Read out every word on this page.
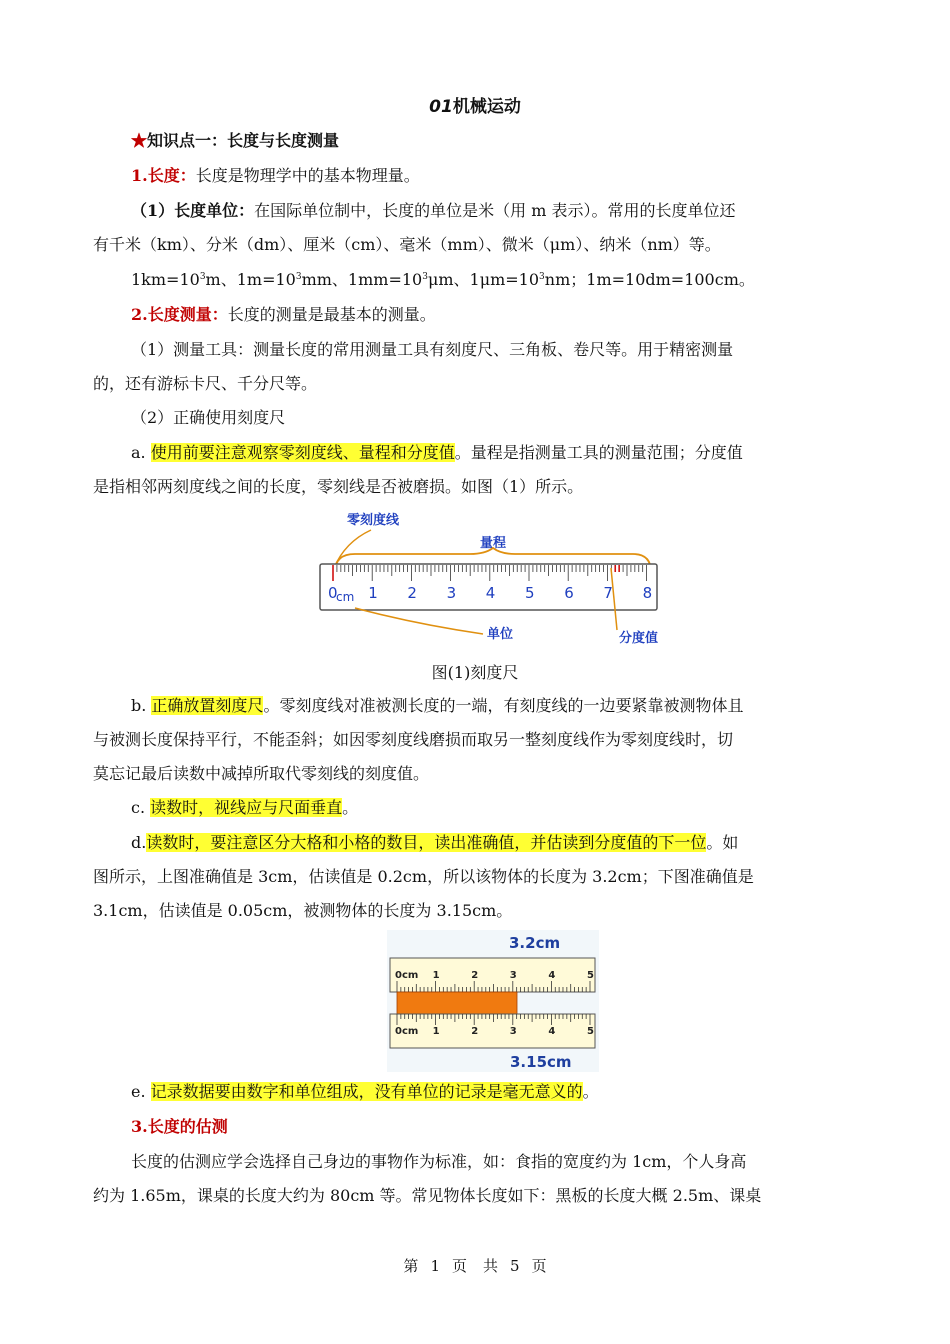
01机械运动
★知识点一：长度与长度测量
1.长度：长度是物理学中的基本物理量。
（1）长度单位：在国际单位制中，长度的单位是米（用 m 表示）。常用的长度单位还
有千米（km）、分米（dm）、厘米（cm）、毫米（mm）、微米（μm）、纳米（nm）等。
$1km=10^3m$、$1m=10^3mm$、$1mm=10^3\mu m$、$1\mu m=10^3nm$；1m=10dm=100cm。
2.长度测量：长度的测量是最基本的测量。
（1）测量工具：测量长度的常用测量工具有刻度尺、三角板、卷尺等。用于精密测量
的，还有游标卡尺、千分尺等。
（2）正确使用刻度尺
a. 使用前要注意观察零刻度线、量程和分度值。量程是指测量工具的测量范围；分度值
是指相邻两刻度线之间的长度，零刻线是否被磨损。如图（1）所示。
零刻度线
量程
0 1 2 3 4 5 6 7 8
cm
单位	分度值
图(1)刻度尺
b. 正确放置刻度尺。零刻度线对准被测长度的一端，有刻度线的一边要紧靠被测物体且
与被测长度保持平行，不能歪斜；如因零刻度线磨损而取另一整刻度线作为零刻度线时，切
莫忘记最后读数中减掉所取代零刻线的刻度值。
c. 读数时，视线应与尺面垂直。
d.读数时，要注意区分大格和小格的数目，读出准确值，并估读到分度值的下一位。如
图所示，上图准确值是 3cm，估读值是 0.2cm，所以该物体的长度为 3.2cm；下图准确值是
3.1cm，估读值是 0.05cm，被测物体的长度为 3.15cm。
3.2cm
0cm 1	2	3	4	5
0cm 1	2	3	4	5
3.15cm
e. 记录数据要由数字和单位组成，没有单位的记录是毫无意义的。
3.长度的估测
长度的估测应学会选择自己身边的事物作为标准，如：食指的宽度约为 1cm，个人身高
约为 1.65m，课桌的长度大约为 80cm 等。常见物体长度如下：黑板的长度大概 2.5m、课桌
第 1 页 共 5 页
